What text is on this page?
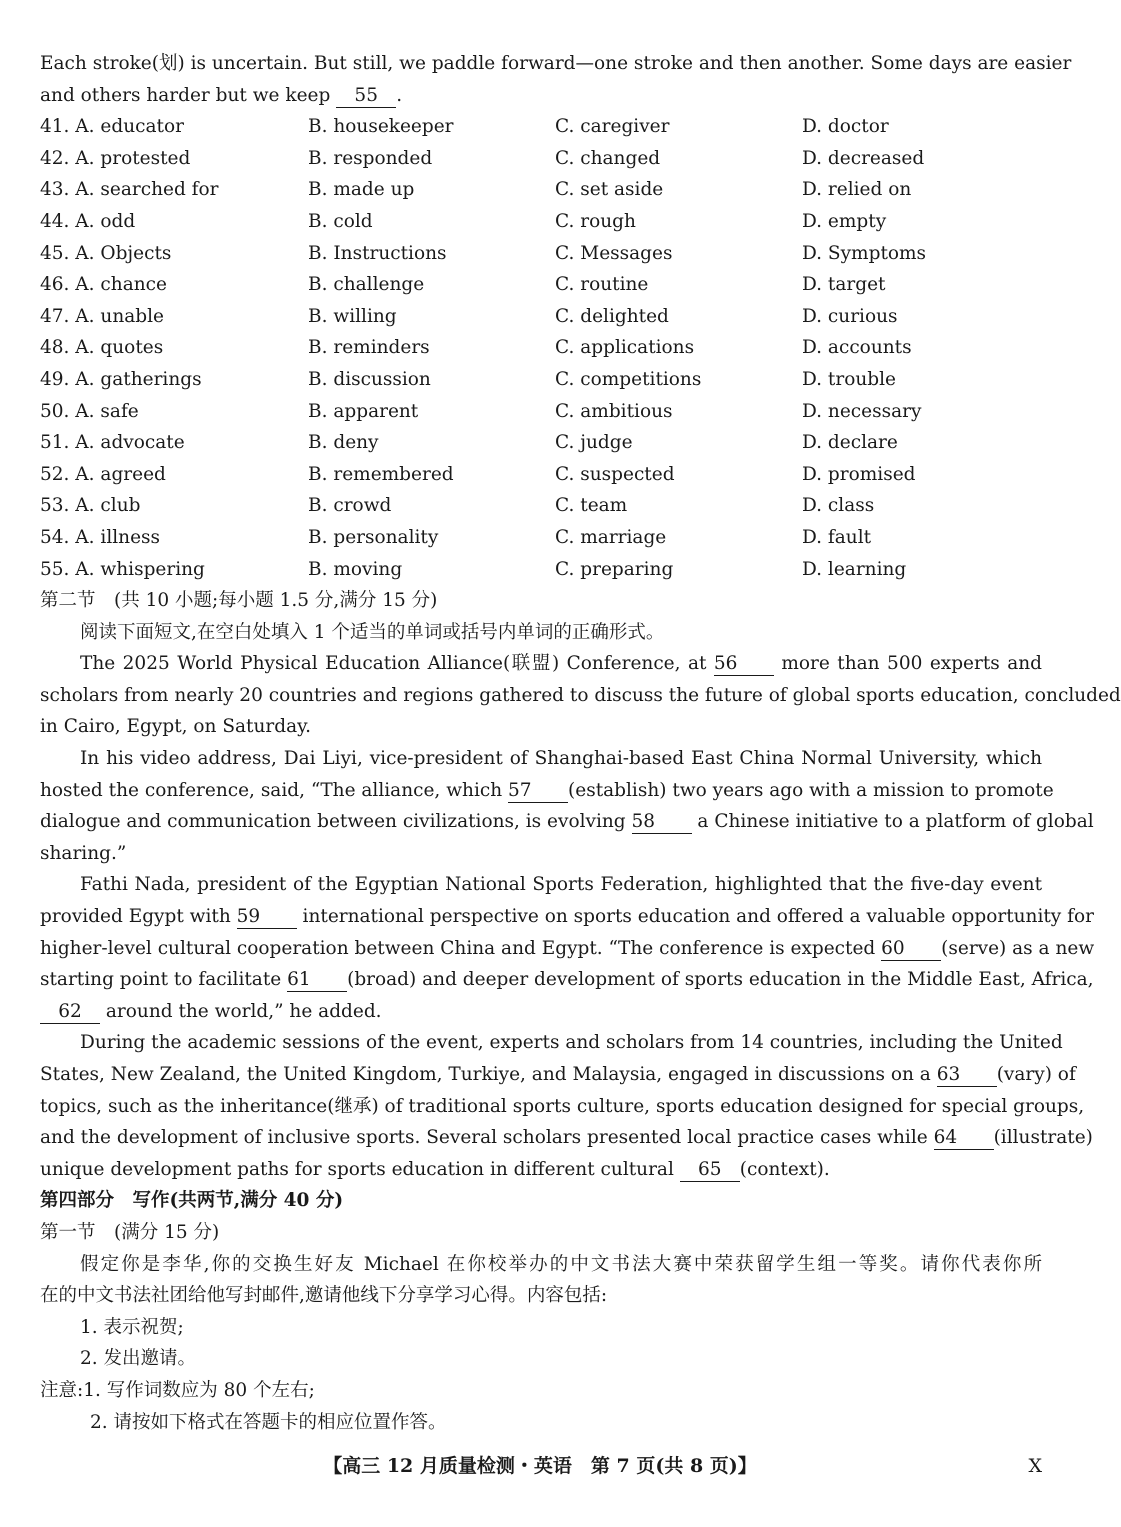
Each stroke(划) is uncertain. But still, we paddle forward—one stroke and then another. Some days are easier
and others harder but we keep 55 .
41. A. educator	B. housekeeper	C. caregiver	D. doctor
42. A. protested	B. responded	C. changed	D. decreased
43. A. searched for	B. made up	C. set aside	D. relied on
44. A. odd	B. cold	C. rough	D. empty
45. A. Objects	B. Instructions	C. Messages	D. Symptoms
46. A. chance	B. challenge	C. routine	D. target
47. A. unable	B. willing	C. delighted	D. curious
48. A. quotes	B. reminders	C. applications	D. accounts
49. A. gatherings	B. discussion	C. competitions	D. trouble
50. A. safe	B. apparent	C. ambitious	D. necessary
51. A. advocate	B. deny	C. judge	D. declare
52. A. agreed	B. remembered	C. suspected	D. promised
53. A. club	B. crowd	C. team	D. class
54. A. illness	B. personality	C. marriage	D. fault
55. A. whispering	B. moving	C. preparing	D. learning
第二节　(共 10 小题;每小题 1.5 分,满分 15 分)
阅读下面短文,在空白处填入 1 个适当的单词或括号内单词的正确形式。
The 2025 World Physical Education Alliance(联盟) Conference, at 56 more than 500 experts and
scholars from nearly 20 countries and regions gathered to discuss the future of global sports education, concluded
in Cairo, Egypt, on Saturday.
In his video address, Dai Liyi, vice-president of Shanghai-based East China Normal University, which
hosted the conference, said, “The alliance, which 57 (establish) two years ago with a mission to promote
dialogue and communication between civilizations, is evolving 58 a Chinese initiative to a platform of global
sharing.”
Fathi Nada, president of the Egyptian National Sports Federation, highlighted that the five-day event
provided Egypt with 59 international perspective on sports education and offered a valuable opportunity for
higher-level cultural cooperation between China and Egypt. “The conference is expected 60 (serve) as a new
starting point to facilitate 61 (broad) and deeper development of sports education in the Middle East, Africa,
62 around the world,” he added.
During the academic sessions of the event, experts and scholars from 14 countries, including the United
States, New Zealand, the United Kingdom, Turkiye, and Malaysia, engaged in discussions on a 63 (vary) of
topics, such as the inheritance(继承) of traditional sports culture, sports education designed for special groups,
and the development of inclusive sports. Several scholars presented local practice cases while 64 (illustrate)
unique development paths for sports education in different cultural 65 (context).
第四部分　写作(共两节,满分 40 分)
第一节　(满分 15 分)
假定你是李华,你的交换生好友 Michael 在你校举办的中文书法大赛中荣获留学生组一等奖。请你代表你所
在的中文书法社团给他写封邮件,邀请他线下分享学习心得。内容包括:
1. 表示祝贺;
2. 发出邀请。
注意:1. 写作词数应为 80 个左右;
2. 请按如下格式在答题卡的相应位置作答。
【高三 12 月质量检测・英语　第 7 页(共 8 页)】	X
